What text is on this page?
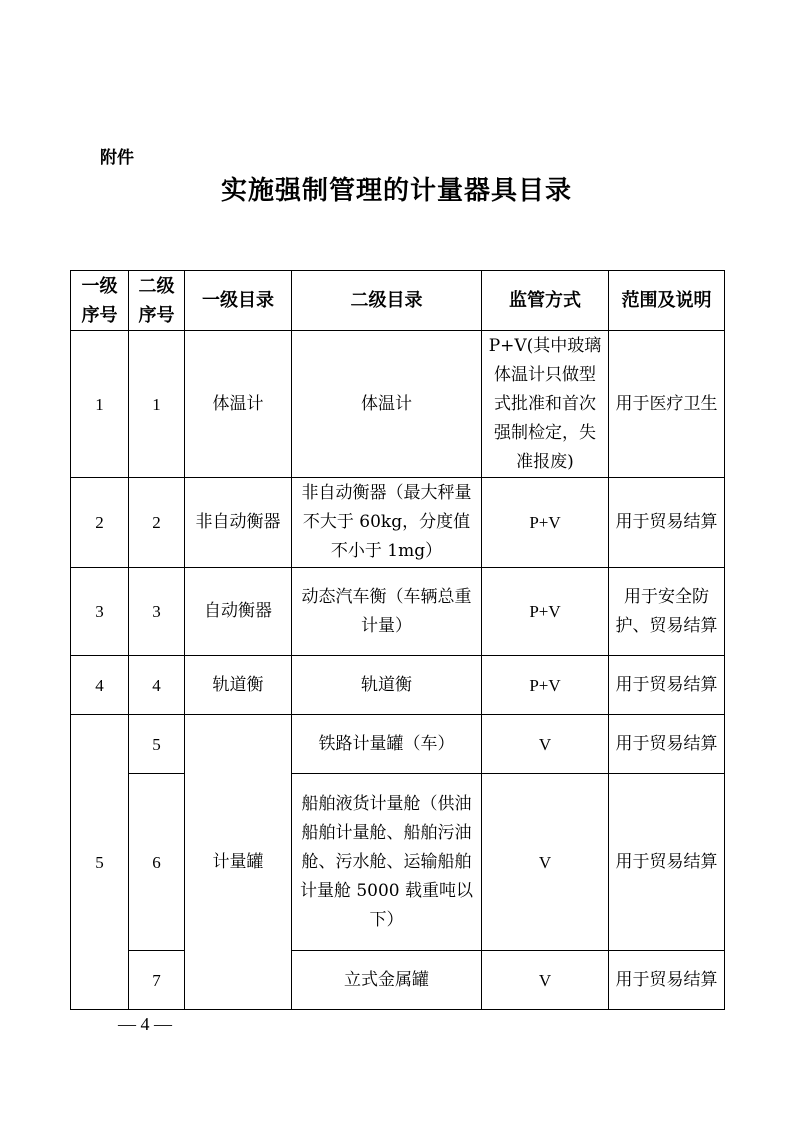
附件
实施强制管理的计量器具目录
一级序号	二级序号	一级目录	二级目录	监管方式	范围及说明
1	1	体温计	体温计	P+V(其中玻璃体温计只做型式批准和首次强制检定，失准报废)	用于医疗卫生
2	2	非自动衡器	非自动衡器（最大秤量不大于 60kg，分度值不小于 1mg）	P+V	用于贸易结算
3	3	自动衡器	动态汽车衡（车辆总重计量）	P+V	用于安全防护、贸易结算
4	4	轨道衡	轨道衡	P+V	用于贸易结算
5	5	计量罐	铁路计量罐（车）	V	用于贸易结算
	6		船舶液货计量舱（供油船舶计量舱、船舶污油舱、污水舱、运输船舶计量舱 5000 载重吨以下）	V	用于贸易结算
	7		立式金属罐	V	用于贸易结算
— 4 —
